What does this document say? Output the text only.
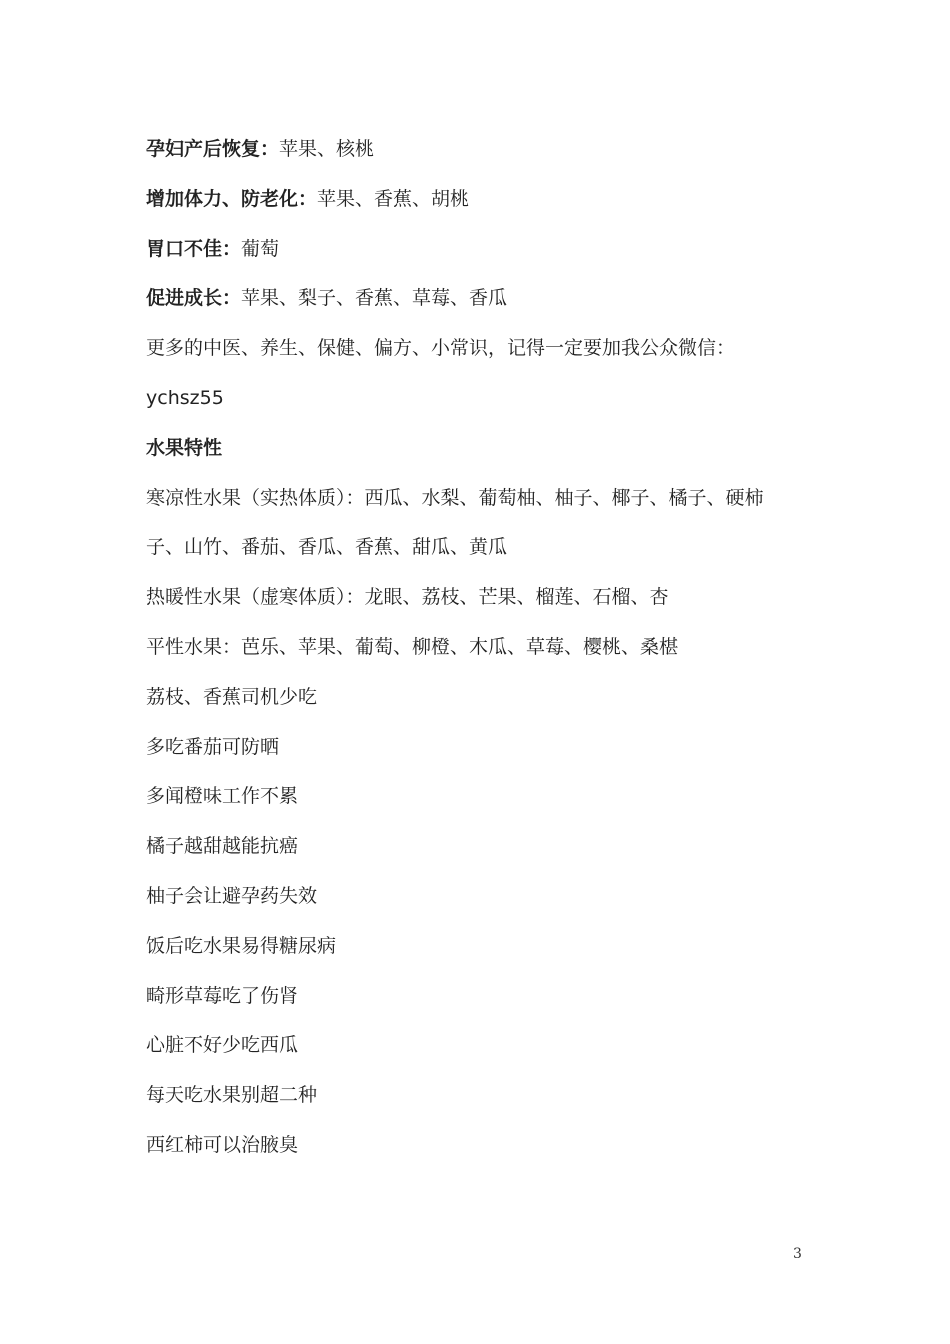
孕妇产后恢复：苹果、核桃
增加体力、防老化：苹果、香蕉、胡桃
胃口不佳：葡萄
促进成长：苹果、梨子、香蕉、草莓、香瓜
更多的中医、养生、保健、偏方、小常识，记得一定要加我公众微信：
ychsz55
水果特性
寒凉性水果（实热体质）：西瓜、水梨、葡萄柚、柚子、椰子、橘子、硬柿
子、山竹、番茄、香瓜、香蕉、甜瓜、黄瓜
热暖性水果（虚寒体质）：龙眼、荔枝、芒果、榴莲、石榴、杏
平性水果：芭乐、苹果、葡萄、柳橙、木瓜、草莓、樱桃、桑椹
荔枝、香蕉司机少吃
多吃番茄可防晒
多闻橙味工作不累
橘子越甜越能抗癌
柚子会让避孕药失效
饭后吃水果易得糖尿病
畸形草莓吃了伤肾
心脏不好少吃西瓜
每天吃水果别超二种
西红柿可以治腋臭
3
